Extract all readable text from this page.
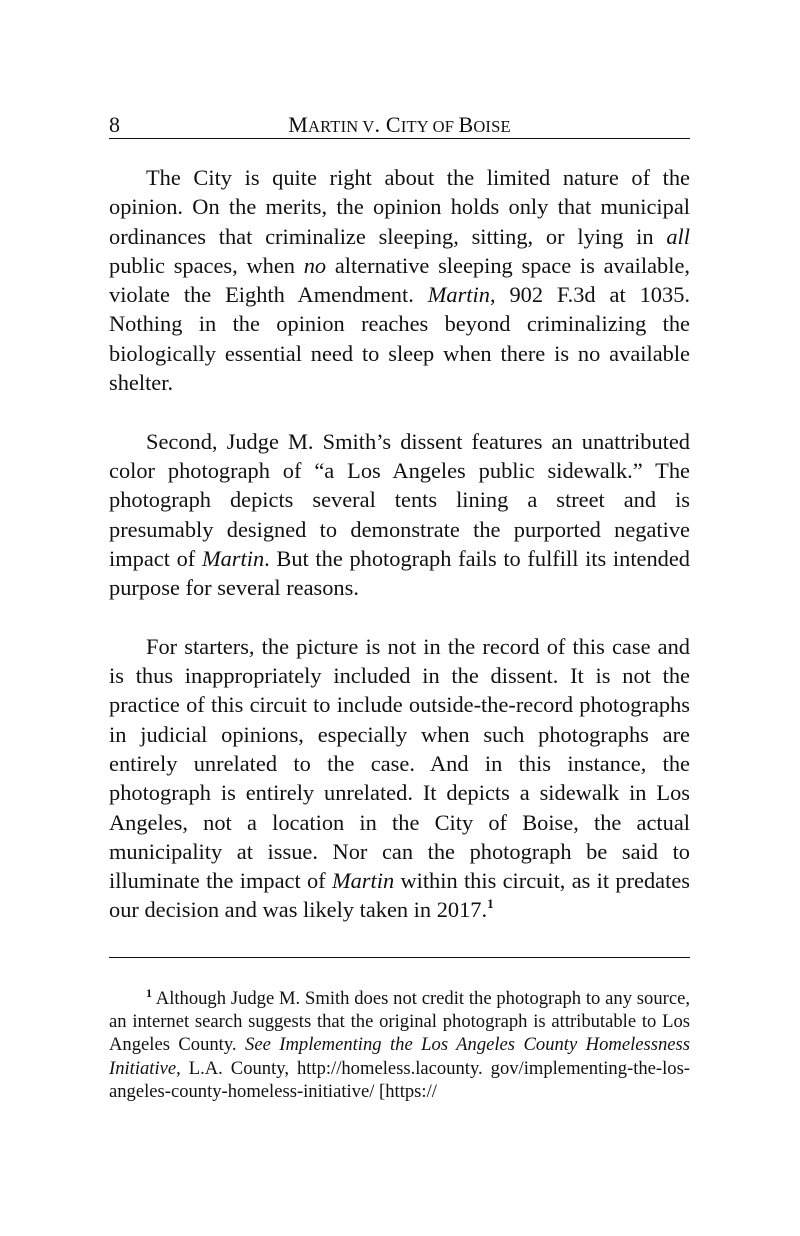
8	MARTIN V. CITY OF BOISE

The City is quite right about the limited nature of the opinion. On the merits, the opinion holds only that municipal ordinances that criminalize sleeping, sitting, or lying in all public spaces, when no alternative sleeping space is available, violate the Eighth Amendment. Martin, 902 F.3d at 1035. Nothing in the opinion reaches beyond criminalizing the biologically essential need to sleep when there is no available shelter.

Second, Judge M. Smith’s dissent features an unattributed color photograph of “a Los Angeles public sidewalk.” The photograph depicts several tents lining a street and is presumably designed to demonstrate the purported negative impact of Martin. But the photograph fails to fulfill its intended purpose for several reasons.

For starters, the picture is not in the record of this case and is thus inappropriately included in the dissent. It is not the practice of this circuit to include outside-the-record photographs in judicial opinions, especially when such photographs are entirely unrelated to the case. And in this instance, the photograph is entirely unrelated. It depicts a sidewalk in Los Angeles, not a location in the City of Boise, the actual municipality at issue. Nor can the photograph be said to illuminate the impact of Martin within this circuit, as it predates our decision and was likely taken in 2017.$^1$

$^1$ Although Judge M. Smith does not credit the photograph to any source, an internet search suggests that the original photograph is attributable to Los Angeles County. See Implementing the Los Angeles County Homelessness Initiative, L.A. County, http://homeless.lacounty. gov/implementing-the-los-angeles-county-homeless-initiative/ [https://
